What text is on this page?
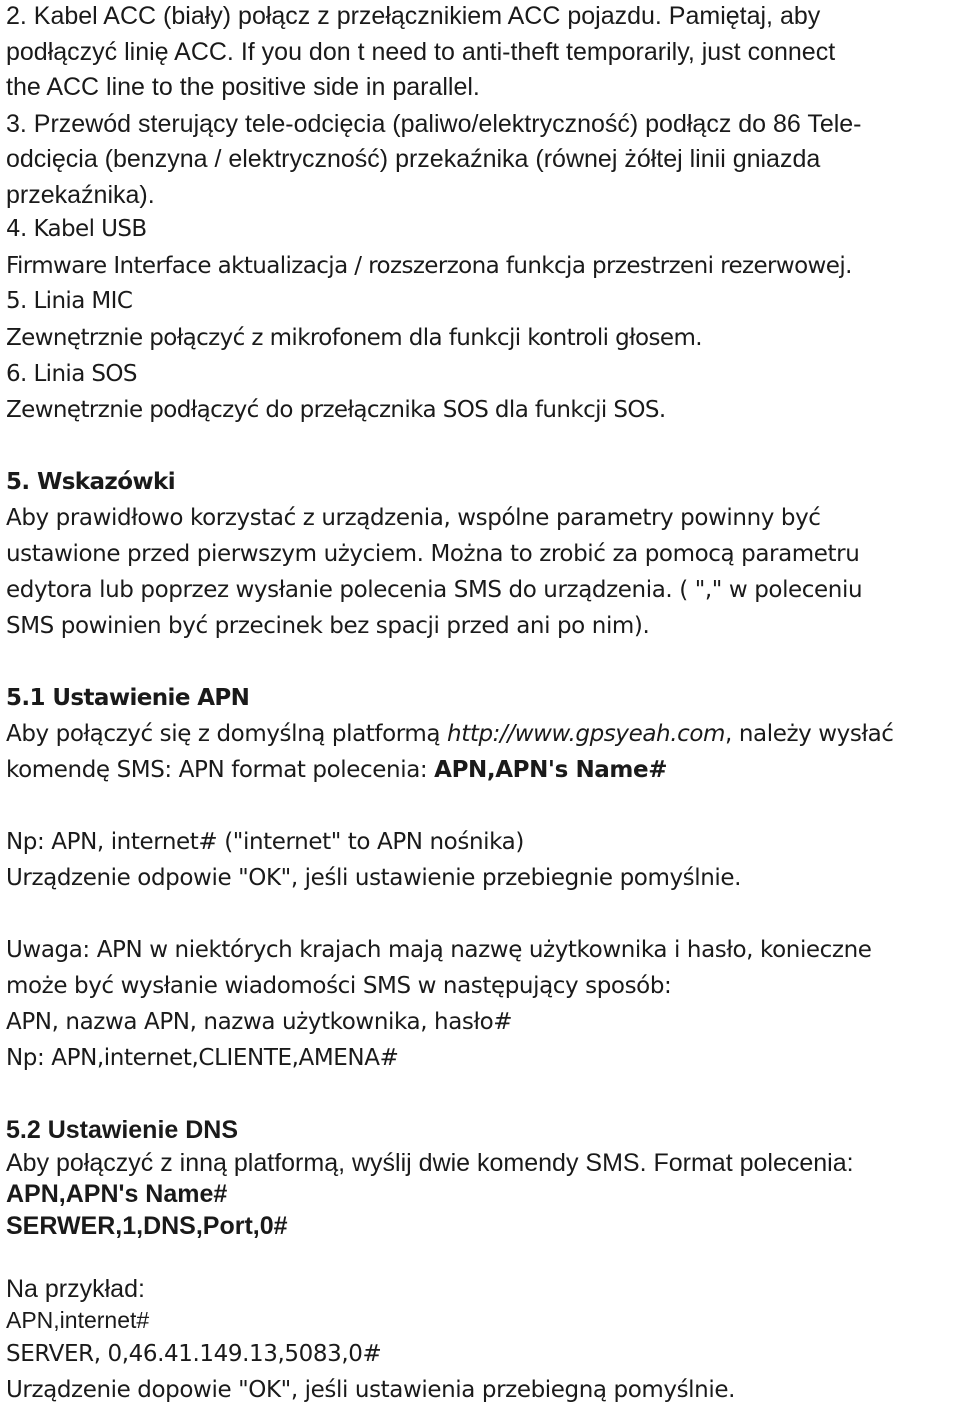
2. Kabel ACC (biały) połącz z przełącznikiem ACC pojazdu. Pamiętaj, aby
podłączyć linię ACC. If you don t need to anti-theft temporarily, just connect
the ACC line to the positive side in parallel.
3. Przewód sterujący tele-odcięcia (paliwo/elektryczność) podłącz do 86 Tele-
odcięcia (benzyna / elektryczność) przekaźnika (równej żółtej linii gniazda
przekaźnika).
4. Kabel USB
Firmware Interface aktualizacja / rozszerzona funkcja przestrzeni rezerwowej.
5. Linia MIC
Zewnętrznie połączyć z mikrofonem dla funkcji kontroli głosem.
6. Linia SOS
Zewnętrznie podłączyć do przełącznika SOS dla funkcji SOS.
5. Wskazówki
Aby prawidłowo korzystać z urządzenia, wspólne parametry powinny być
ustawione przed pierwszym użyciem. Można to zrobić za pomocą parametru
edytora lub poprzez wysłanie polecenia SMS do urządzenia. ( "," w poleceniu
SMS powinien być przecinek bez spacji przed ani po nim).
5.1 Ustawienie APN
Aby połączyć się z domyślną platformą http://www.gpsyeah.com, należy wysłać
komendę SMS: APN format polecenia: APN,APN's Name#
Np: APN, internet# ("internet" to APN nośnika)
Urządzenie odpowie "OK", jeśli ustawienie przebiegnie pomyślnie.
Uwaga: APN w niektórych krajach mają nazwę użytkownika i hasło, konieczne
może być wysłanie wiadomości SMS w następujący sposób:
APN, nazwa APN, nazwa użytkownika, hasło#
Np: APN,internet,CLIENTE,AMENA#
5.2 Ustawienie DNS
Aby połączyć z inną platformą, wyślij dwie komendy SMS. Format polecenia:
APN,APN's Name#
SERWER,1,DNS,Port,0#
Na przykład:
APN,internet#
SERVER, 0,46.41.149.13,5083,0#
Urządzenie dopowie "OK", jeśli ustawienia przebiegną pomyślnie.
